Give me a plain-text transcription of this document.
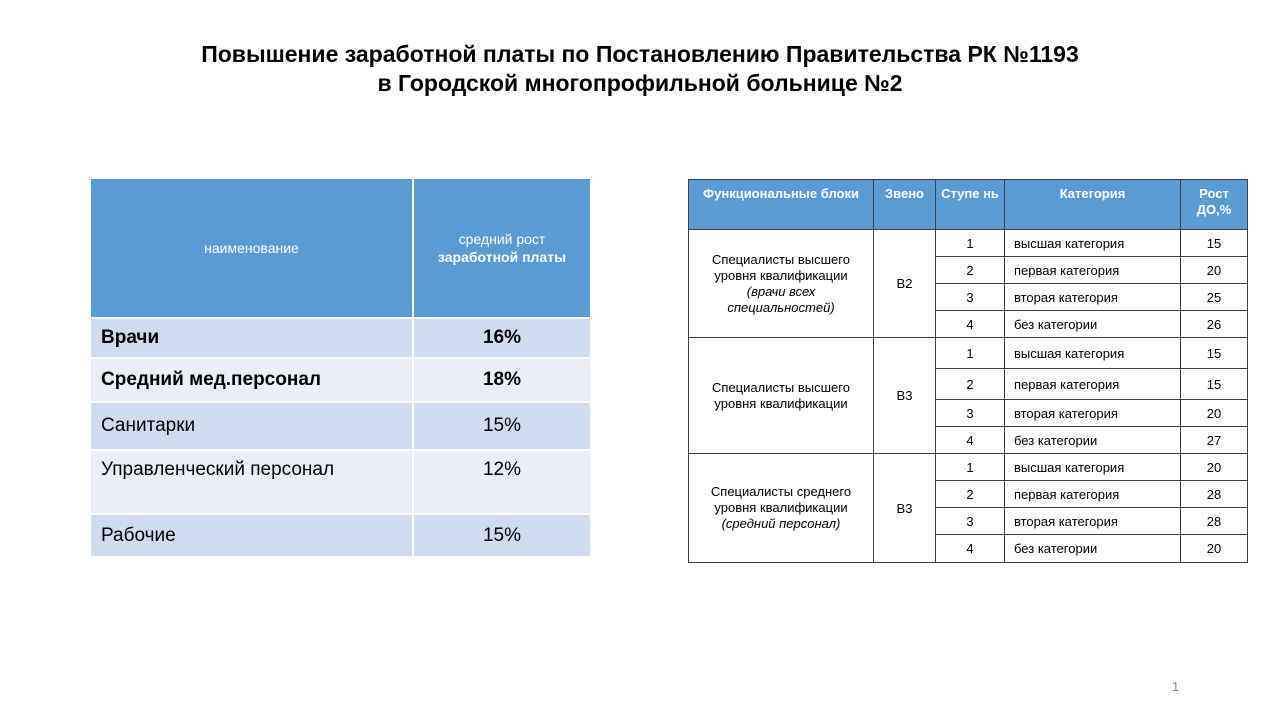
Повышение заработной платы по Постановлению Правительства РК №1193
в Городской многопрофильной больнице №2
наименование	средний рост
заработной платы
Врачи	16%
Средний мед.персонал	18%
Санитарки	15%
Управленческий персонал	12%
Рабочие	15%
Функциональные блоки	Звено	Ступе нь	Категория	Рост ДО,%
Специалисты высшего
уровня квалификации
(врачи всех
специальностей)	В2	1	высшая категория	15
		2	первая категория	20
		3	вторая категория	25
		4	без категории	26
Специалисты высшего
уровня квалификации	В3	1	высшая категория	15
		2	первая категория	15
		3	вторая категория	20
		4	без категории	27
Специалисты среднего
уровня квалификации
(средний персонал)	В3	1	высшая категория	20
		2	первая категория	28
		3	вторая категория	28
		4	без категории	20
1
